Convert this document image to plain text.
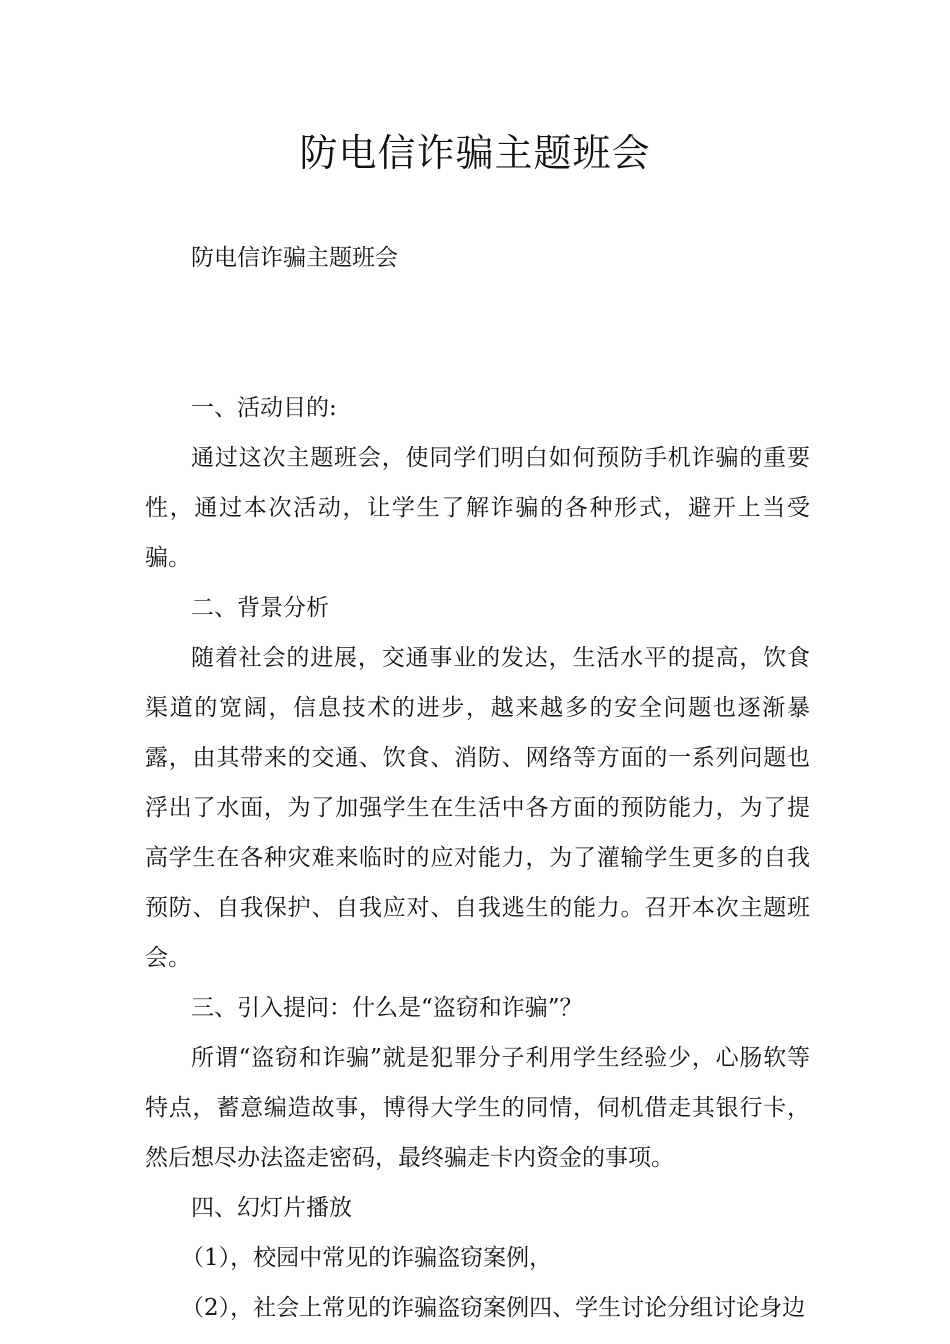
防电信诈骗主题班会

防电信诈骗主题班会

一、活动目的:

通过这次主题班会，使同学们明白如何预防手机诈骗的重要性，通过本次活动，让学生了解诈骗的各种形式，避开上当受骗。

二、背景分析

随着社会的进展，交通事业的发达，生活水平的提高，饮食渠道的宽阔，信息技术的进步，越来越多的安全问题也逐渐暴露，由其带来的交通、饮食、消防、网络等方面的一系列问题也浮出了水面，为了加强学生在生活中各方面的预防能力，为了提高学生在各种灾难来临时的应对能力，为了灌输学生更多的自我预防、自我保护、自我应对、自我逃生的能力。召开本次主题班会。

三、引入提问：什么是“盗窃和诈骗”？

所谓“盗窃和诈骗”就是犯罪分子利用学生经验少，心肠软等特点，蓄意编造故事，博得大学生的同情，伺机借走其银行卡，然后想尽办法盗走密码，最终骗走卡内资金的事项。

四、幻灯片播放

（1），校园中常见的诈骗盗窃案例，

（2），社会上常见的诈骗盗窃案例四、学生讨论分组讨论身边
